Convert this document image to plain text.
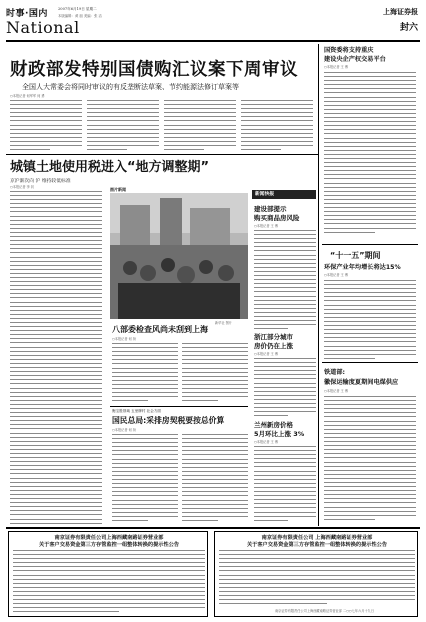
时事·国内
National
2007年6月19日 星期二
本版编辑：黄 朋 美编：张 洁	上海证券报
封六
财政部发特别国债购汇议案下周审议
全国人大常委会将同时审议的有反垄断法草案、节约能源法修订草案等
○本报记者 何军军 何 勇
国资委将支持重庆
建设央企产权交易平台
○本报记者 王 博
“十一五”期间
环保产业年均增长将达15%
○本报记者 王 博
铁道部:
徽保运输度夏期间电煤供应
○本报记者 王 博
城镇土地使用税进入“地方调整期”
京沪渐次向 沪 维持较低标准
○本报记者 李 钊	图片新闻
新华社 图片
新闻快报
建设部提示
购买商品房风险
○本报记者 王 博
浙江部分城市
房价仍在上涨
○本报记者 王 博
兰州新房价格
5月环比上涨 3%
○本报记者 王 博
八部委检查风尚未刮到上海
○本报记者 何 扬
衡宝胜领域 五里牌村 社会方面
国民总局:采排房契税要按总价算
○本报记者 何 扬
南京证券有限责任公司上海西藏南路证券营业部
关于客户交易资金第三方存管监控一组整体转换的提示性公告
南京证券有限责任公司 上海西藏南路证券营业部
关于客户交易资金第三方存管监控一组整体转换的提示性公告
南京证券有限责任公司上海西藏南路证券营业部 二○○七年六月十九日
